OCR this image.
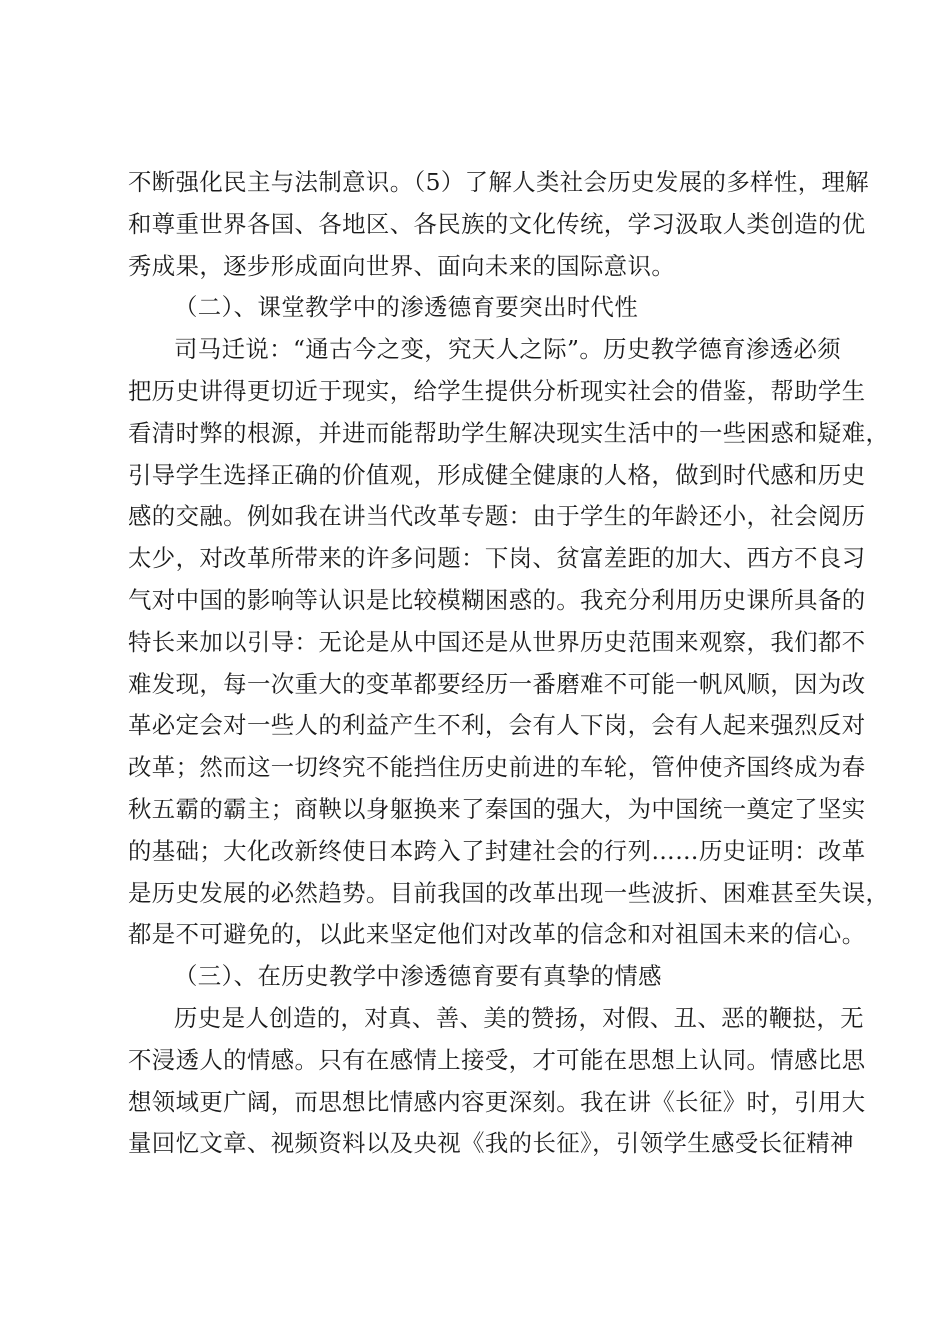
不断强化民主与法制意识。（5）了解人类社会历史发展的多样性，理解
和尊重世界各国、各地区、各民族的文化传统，学习汲取人类创造的优
秀成果，逐步形成面向世界、面向未来的国际意识。
（二）、课堂教学中的渗透德育要突出时代性
司马迁说：“通古今之变，究天人之际”。历史教学德育渗透必须
把历史讲得更切近于现实，给学生提供分析现实社会的借鉴，帮助学生
看清时弊的根源，并进而能帮助学生解决现实生活中的一些困惑和疑难，
引导学生选择正确的价值观，形成健全健康的人格，做到时代感和历史
感的交融。例如我在讲当代改革专题：由于学生的年龄还小，社会阅历
太少，对改革所带来的许多问题：下岗、贫富差距的加大、西方不良习
气对中国的影响等认识是比较模糊困惑的。我充分利用历史课所具备的
特长来加以引导：无论是从中国还是从世界历史范围来观察，我们都不
难发现，每一次重大的变革都要经历一番磨难不可能一帆风顺，因为改
革必定会对一些人的利益产生不利，会有人下岗，会有人起来强烈反对
改革；然而这一切终究不能挡住历史前进的车轮，管仲使齐国终成为春
秋五霸的霸主；商鞅以身躯换来了秦国的强大，为中国统一奠定了坚实
的基础；大化改新终使日本跨入了封建社会的行列……历史证明：改革
是历史发展的必然趋势。目前我国的改革出现一些波折、困难甚至失误，
都是不可避免的，以此来坚定他们对改革的信念和对祖国未来的信心。
（三）、在历史教学中渗透德育要有真挚的情感
历史是人创造的，对真、善、美的赞扬，对假、丑、恶的鞭挞，无
不浸透人的情感。只有在感情上接受，才可能在思想上认同。情感比思
想领域更广阔，而思想比情感内容更深刻。我在讲《长征》时，引用大
量回忆文章、视频资料以及央视《我的长征》，引领学生感受长征精神
